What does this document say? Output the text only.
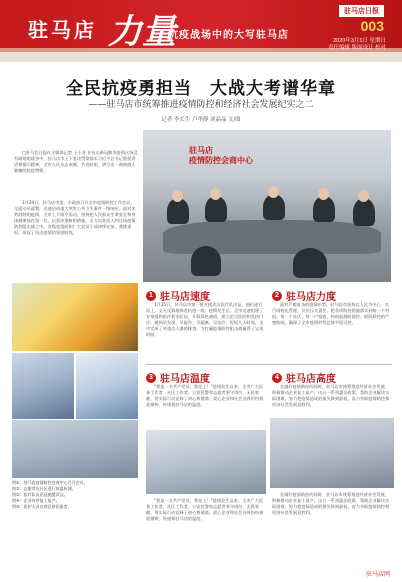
驻马店 力量
坑疫战场中的大写驻马店
驻马店日报
003
2020年3月1日 星期日
责任编辑 版面设计 校对
全民抗疫勇担当　大战大考谱华章
——驻马店市统筹推进疫情防控和经济社会发展纪实之二
记者 李长生 卢华静 刘晶晶 文/图

□驻马店日报社全媒体记者 王小芳 在抗击新冠肺炎疫情这场没有硝烟的战争中，驻马店市上下坚决贯彻落实习近平总书记重要讲话和指示精神，全市人民众志成城、共克时艰，谱写出一曲曲感人肺腑的抗疫赞歌。

1月24日，驻马店市委、市政府召开全市疫情防控工作会议，全面动员部署，迅速启动重大突发公共卫生事件一级响应。面对来势汹汹的疫情，全市上下闻令而动，坚持把人民群众生命安全和身体健康放在第一位，以坚决果断的措施，全力以赴投入到这场疫情防控阻击战之中。各级党组织和广大党员干部冲锋在前、勇挑重担，筑起了抗击疫情的坚固防线。

驻马店
疫情防控会商中心
1 驻马店速度

1月25日，驻马店市第一批支援武汉医疗队出征，他们逆行而上，义无反顾地奔赴抗疫一线。疫情发生后，全市迅速组建了专家组和医疗救治队伍，开辟绿色通道，建立定点医院和发热门诊，做到早发现、早报告、早隔离、早治疗。短短几天时间，全市完成了对重点人群的排查，为打赢疫情防控阻击战赢得了宝贵时间。

2 驻马店力度

面对严峻复杂的疫情形势，驻马店市坚持以人民为中心，实行网格化管理，层层压实责任，把各项防控措施落实到每一个村组、每一个社区、每一户家庭，构筑起群防群控、联防联控的严密防线，确保了全市疫情形势总体平稳可控。

3 驻马店温度

“我是一名共产党员，我先上！”疫情发生以来，全市广大医务工作者、社区工作者、公安民警和志愿者坚守岗位、无私奉献，用实际行动诠释了初心和使命。爱心企业和社会各界纷纷捐款捐物，传递着驻马店的温度。

4 驻马店高度

在做好疫情防控的同时，驻马店市统筹推进经济社会发展，积极推动企业复工复产，出台一系列惠企政策，帮助企业解决实际困难，努力把疫情造成的损失降到最低，奋力夺取疫情防控和经济社会发展双胜利。

“我是一名共产党员，我先上！”疫情发生以来，全市广大医务工作者、社区工作者、公安民警和志愿者坚守岗位、无私奉献，用实际行动诠释了初心和使命。爱心企业和社会各界纷纷捐款捐物，传递着驻马店的温度。

在做好疫情防控的同时，驻马店市统筹推进经济社会发展，积极推动企业复工复产，出台一系列惠企政策，帮助企业解决实际困难，努力把疫情造成的损失降到最低，奋力夺取疫情防控和经济社会发展双胜利。

图①：驻马店疫情防控会商中心召开会议。

图②：志愿者在社区进行体温检测。

图③：医疗队员出征驰援武汉。

图④：企业有序复工复产。

图⑤：医护人员在病区救治患者。

驻马店网
